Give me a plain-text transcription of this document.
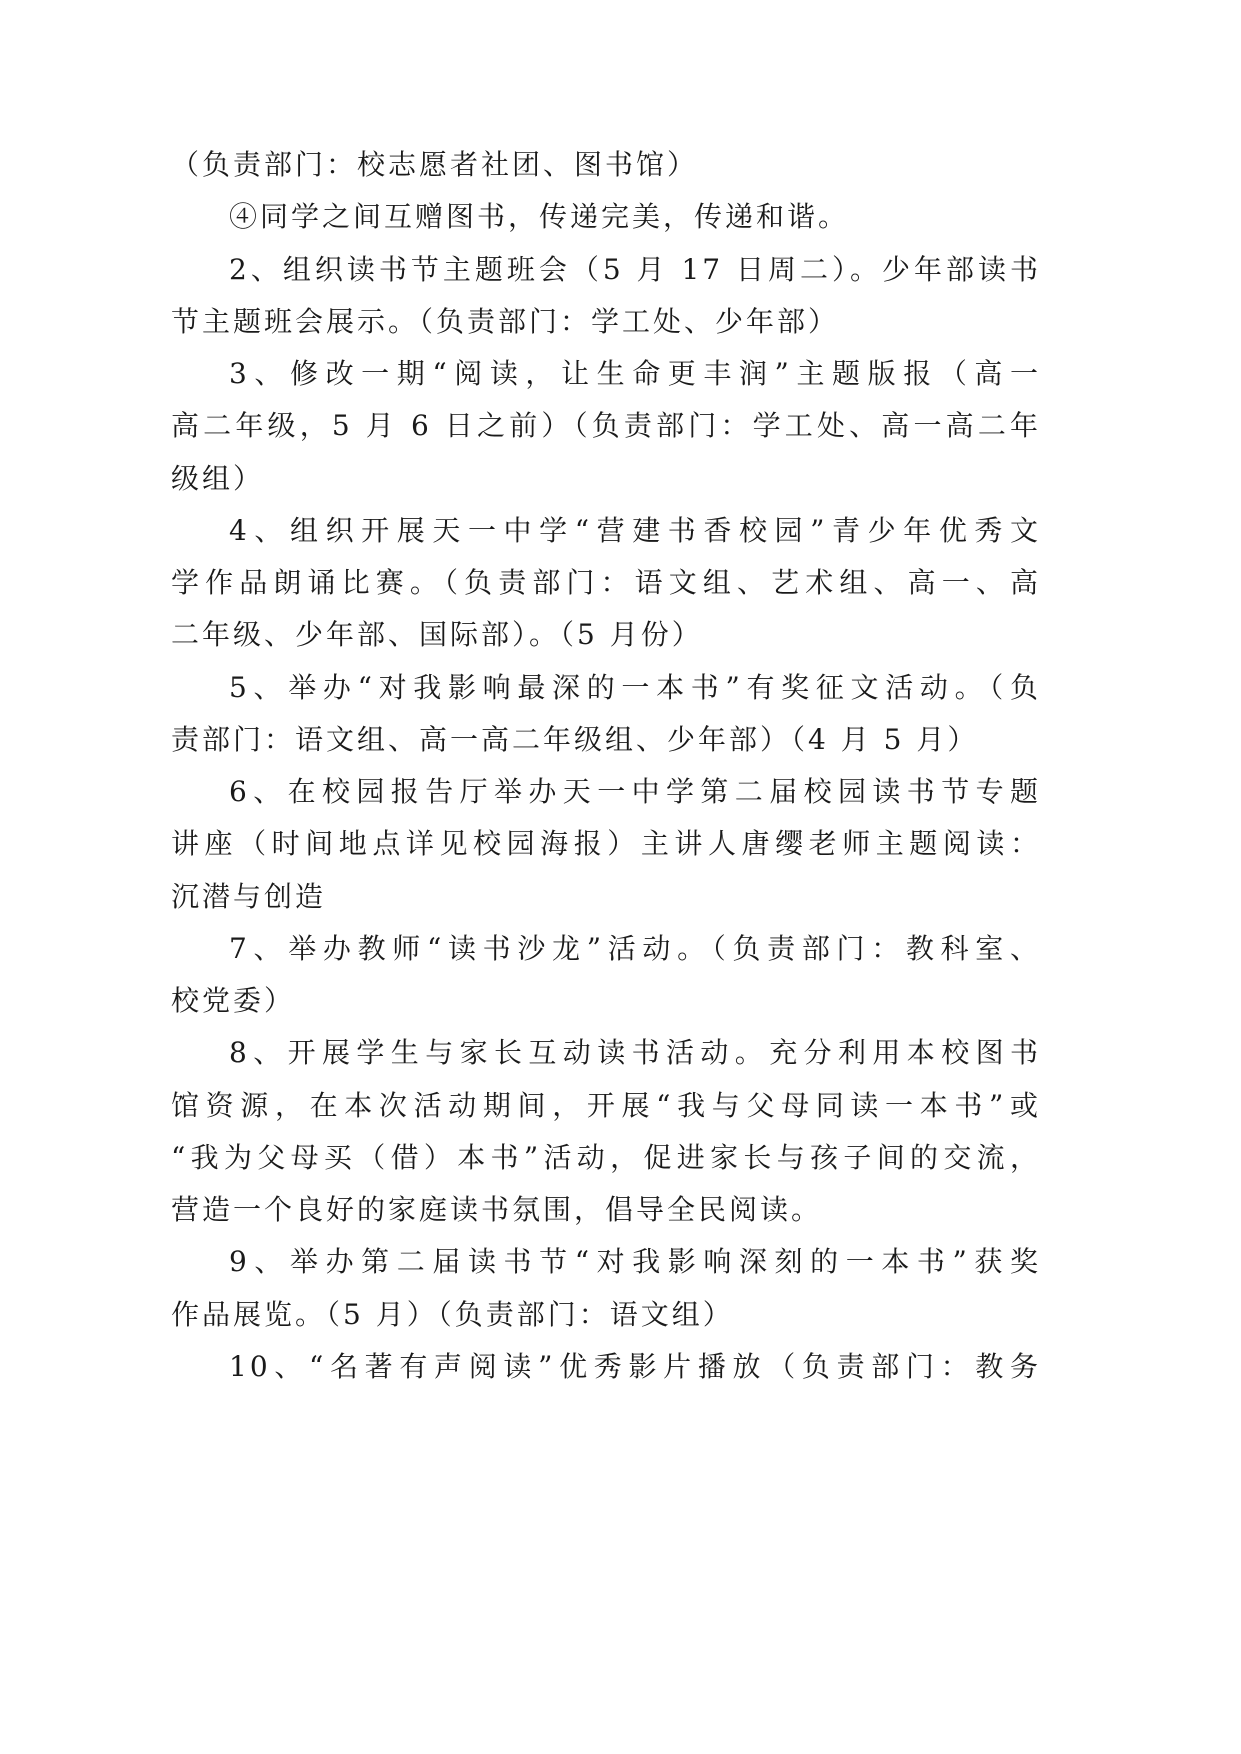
（负责部门：校志愿者社团、图书馆）
④同学之间互赠图书，传递完美，传递和谐。
2、组织读书节主题班会（5 月 17 日周二）。少年部读书
节主题班会展示。（负责部门：学工处、少年部）
3、修改一期“阅读，让生命更丰润”主题版报（高一
高二年级，5 月 6 日之前）（负责部门：学工处、高一高二年
级组）
4、组织开展天一中学“营建书香校园”青少年优秀文
学作品朗诵比赛。（负责部门：语文组、艺术组、高一、高
二年级、少年部、国际部）。（5 月份）
5、举办“对我影响最深的一本书”有奖征文活动。（负
责部门：语文组、高一高二年级组、少年部）（4 月 5 月）
6、在校园报告厅举办天一中学第二届校园读书节专题
讲座（时间地点详见校园海报）主讲人唐缨老师主题阅读：
沉潜与创造
7、举办教师“读书沙龙”活动。（负责部门：教科室、
校党委）
8、开展学生与家长互动读书活动。充分利用本校图书
馆资源，在本次活动期间，开展“我与父母同读一本书”或
“我为父母买（借）本书”活动，促进家长与孩子间的交流，
营造一个良好的家庭读书氛围，倡导全民阅读。
9、举办第二届读书节“对我影响深刻的一本书”获奖
作品展览。（5 月）（负责部门：语文组）
10、“名著有声阅读”优秀影片播放（负责部门：教务
